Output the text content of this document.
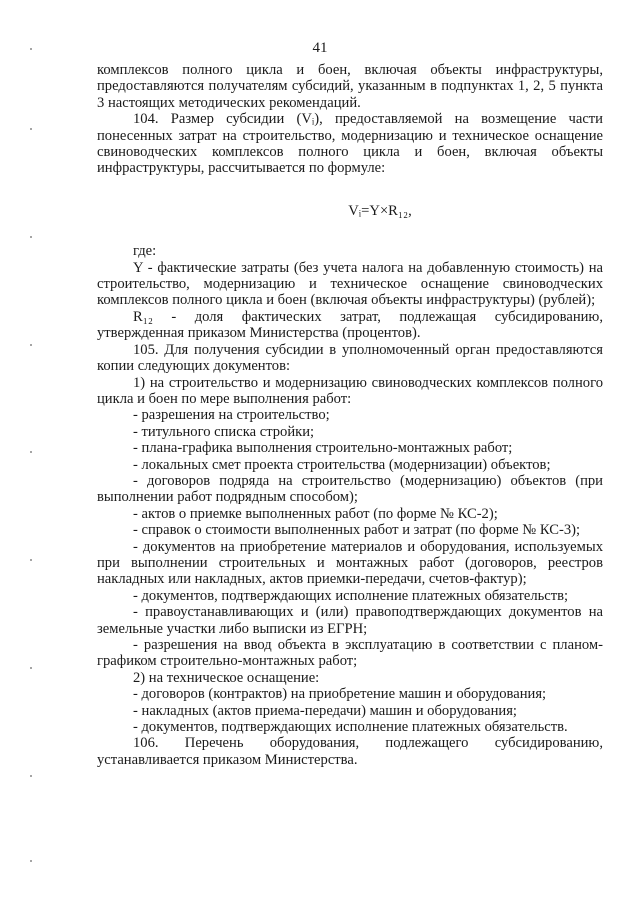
41

комплексов полного цикла и боен, включая объекты инфраструктуры, предоставляются получателям субсидий, указанным в подпунктах 1, 2, 5 пункта 3 настоящих методических рекомендаций.

104. Размер субсидии (Vᵢ), предоставляемой на возмещение части понесенных затрат на строительство, модернизацию и техническое оснащение свиноводческих комплексов полного цикла и боен, включая объекты инфраструктуры, рассчитывается по формуле:

Vᵢ=Y×R₁₂,

где:

Y - фактические затраты (без учета налога на добавленную стоимость) на строительство, модернизацию и техническое оснащение свиноводческих комплексов полного цикла и боен (включая объекты инфраструктуры) (рублей);

R₁₂ - доля фактических затрат, подлежащая субсидированию, утвержденная приказом Министерства (процентов).

105. Для получения субсидии в уполномоченный орган предоставляются копии следующих документов:

1) на строительство и модернизацию свиноводческих комплексов полного цикла и боен по мере выполнения работ:

- разрешения на строительство;

- титульного списка стройки;

- плана-графика выполнения строительно-монтажных работ;

- локальных смет проекта строительства (модернизации) объектов;

- договоров подряда на строительство (модернизацию) объектов (при выполнении работ подрядным способом);

- актов о приемке выполненных работ (по форме № КС-2);

- справок о стоимости выполненных работ и затрат (по форме № КС-3);

- документов на приобретение материалов и оборудования, используемых при выполнении строительных и монтажных работ (договоров, реестров накладных или накладных, актов приемки-передачи, счетов-фактур);

- документов, подтверждающих исполнение платежных обязательств;

- правоустанавливающих и (или) правоподтверждающих документов на земельные участки либо выписки из ЕГРН;

- разрешения на ввод объекта в эксплуатацию в соответствии с планом-графиком строительно-монтажных работ;

2) на техническое оснащение:

- договоров (контрактов) на приобретение машин и оборудования;

- накладных (актов приема-передачи) машин и оборудования;

- документов, подтверждающих исполнение платежных обязательств.

106. Перечень оборудования, подлежащего субсидированию, устанавливается приказом Министерства.
